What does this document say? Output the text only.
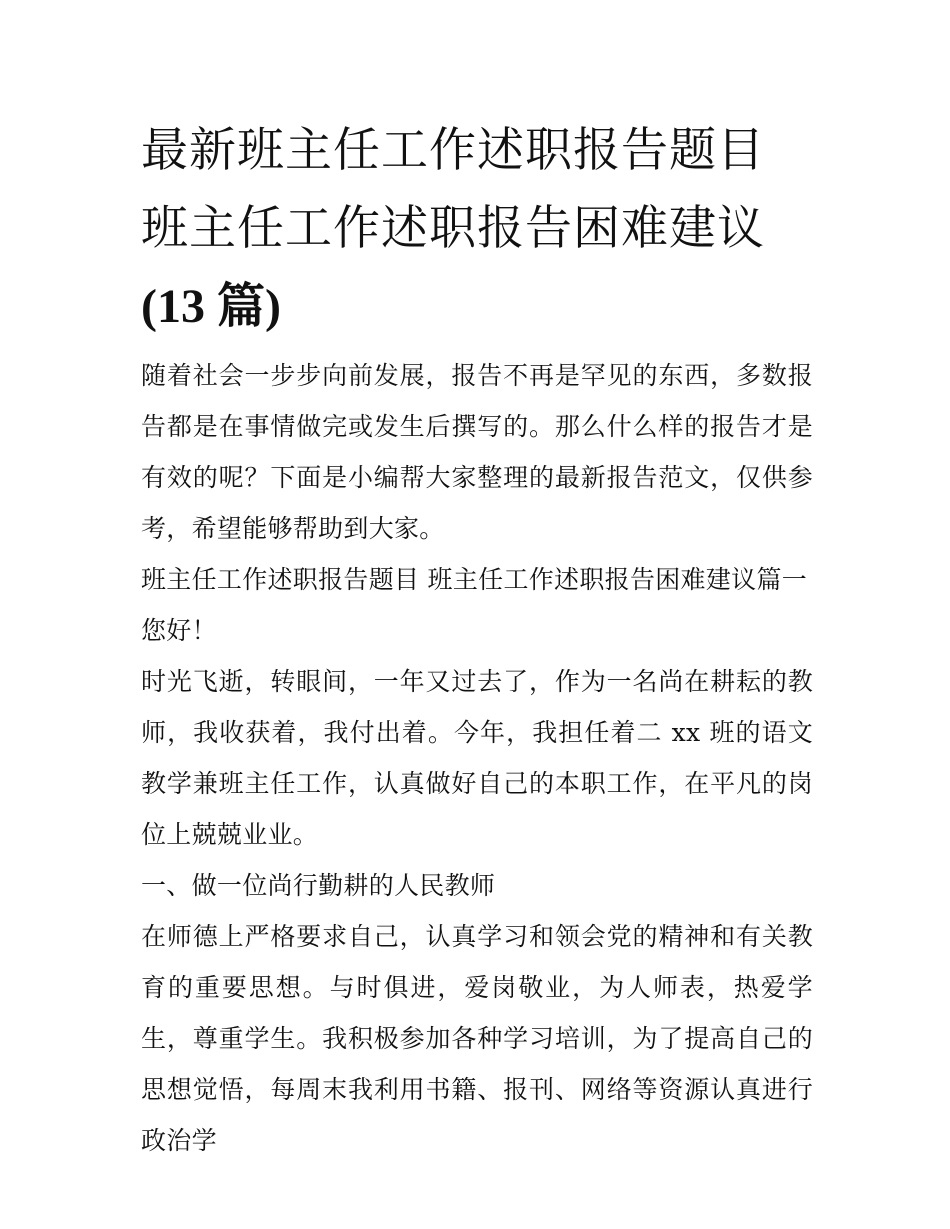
最新班主任工作述职报告题目
班主任工作述职报告困难建议
(13 篇)

随着社会一步步向前发展，报告不再是罕见的东西，多数报告都是在事情做完或发生后撰写的。那么什么样的报告才是有效的呢？下面是小编帮大家整理的最新报告范文，仅供参考，希望能够帮助到大家。

班主任工作述职报告题目 班主任工作述职报告困难建议篇一

您好！

时光飞逝，转眼间，一年又过去了，作为一名尚在耕耘的教师，我收获着，我付出着。今年，我担任着二 xx 班的语文教学兼班主任工作，认真做好自己的本职工作，在平凡的岗位上兢兢业业。

一、做一位尚行勤耕的人民教师

在师德上严格要求自己，认真学习和领会党的精神和有关教育的重要思想。与时俱进，爱岗敬业，为人师表，热爱学生，尊重学生。我积极参加各种学习培训，为了提高自己的思想觉悟，每周末我利用书籍、报刊、网络等资源认真进行政治学
